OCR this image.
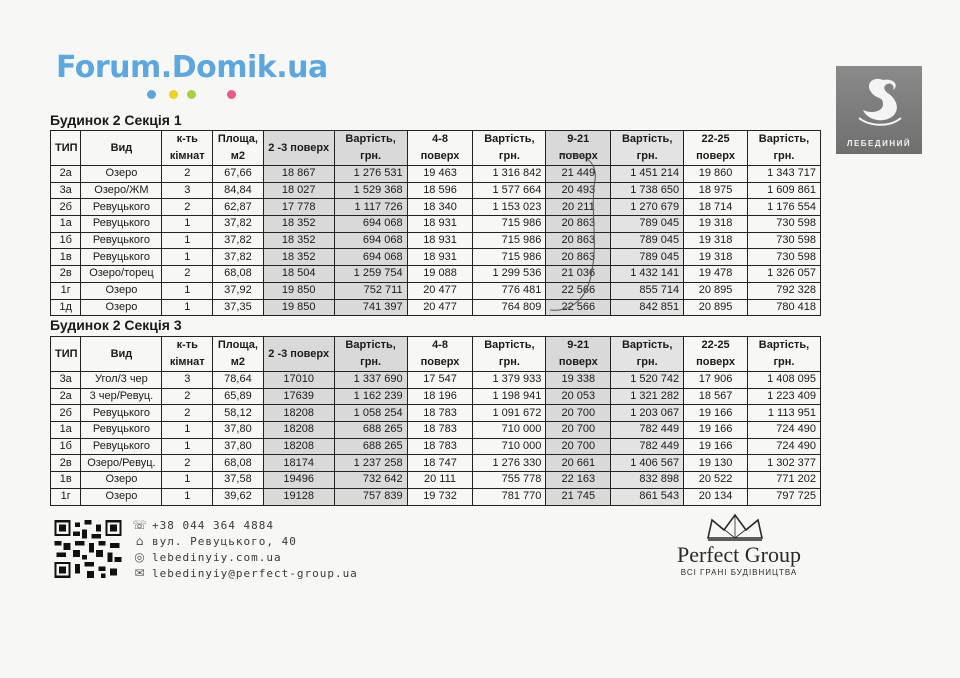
Forum.Domik.ua
ЛЕБЕДИНИЙ
Будинок 2 Секція 1
ТИП	Вид	к-ть кімнат	Площа, м2	2 -3 поверх	Вартість, грн.	4-8 поверх	Вартість, грн.	9-21 поверх	Вартість, грн.	22-25 поверх	Вартість, грн.
2а	Озеро	2	67,66	18 867	1 276 531	19 463	1 316 842	21 449	1 451 214	19 860	1 343 717
3а	Озеро/ЖМ	3	84,84	18 027	1 529 368	18 596	1 577 664	20 493	1 738 650	18 975	1 609 861
2б	Ревуцького	2	62,87	17 778	1 117 726	18 340	1 153 023	20 211	1 270 679	18 714	1 176 554
1а	Ревуцького	1	37,82	18 352	694 068	18 931	715 986	20 863	789 045	19 318	730 598
1б	Ревуцького	1	37,82	18 352	694 068	18 931	715 986	20 863	789 045	19 318	730 598
1в	Ревуцького	1	37,82	18 352	694 068	18 931	715 986	20 863	789 045	19 318	730 598
2в	Озеро/торец	2	68,08	18 504	1 259 754	19 088	1 299 536	21 036	1 432 141	19 478	1 326 057
1г	Озеро	1	37,92	19 850	752 711	20 477	776 481	22 566	855 714	20 895	792 328
1д	Озеро	1	37,35	19 850	741 397	20 477	764 809	22 566	842 851	20 895	780 418
Будинок 2 Секція 3
ТИП	Вид	к-ть кімнат	Площа, м2	2 -3 поверх	Вартість, грн.	4-8 поверх	Вартість, грн.	9-21 поверх	Вартість, грн.	22-25 поверх	Вартість, грн.
3а	Угол/3 чер	3	78,64	17010	1 337 690	17 547	1 379 933	19 338	1 520 742	17 906	1 408 095
2а	3 чер/Ревуц.	2	65,89	17639	1 162 239	18 196	1 198 941	20 053	1 321 282	18 567	1 223 409
2б	Ревуцького	2	58,12	18208	1 058 254	18 783	1 091 672	20 700	1 203 067	19 166	1 113 951
1а	Ревуцького	1	37,80	18208	688 265	18 783	710 000	20 700	782 449	19 166	724 490
1б	Ревуцького	1	37,80	18208	688 265	18 783	710 000	20 700	782 449	19 166	724 490
2в	Озеро/Ревуц.	2	68,08	18174	1 237 258	18 747	1 276 330	20 661	1 406 567	19 130	1 302 377
1в	Озеро	1	37,58	19496	732 642	20 111	755 778	22 163	832 898	20 522	771 202
1г	Озеро	1	39,62	19128	757 839	19 732	781 770	21 745	861 543	20 134	797 725
☏ +38 044 364 4884
⌂ вул. Ревуцького, 40
◎ lebedinyiy.com.ua
✉ lebedinyiy@perfect-group.ua
Perfect Group
ВСІ ГРАНІ БУДІВНИЦТВА
